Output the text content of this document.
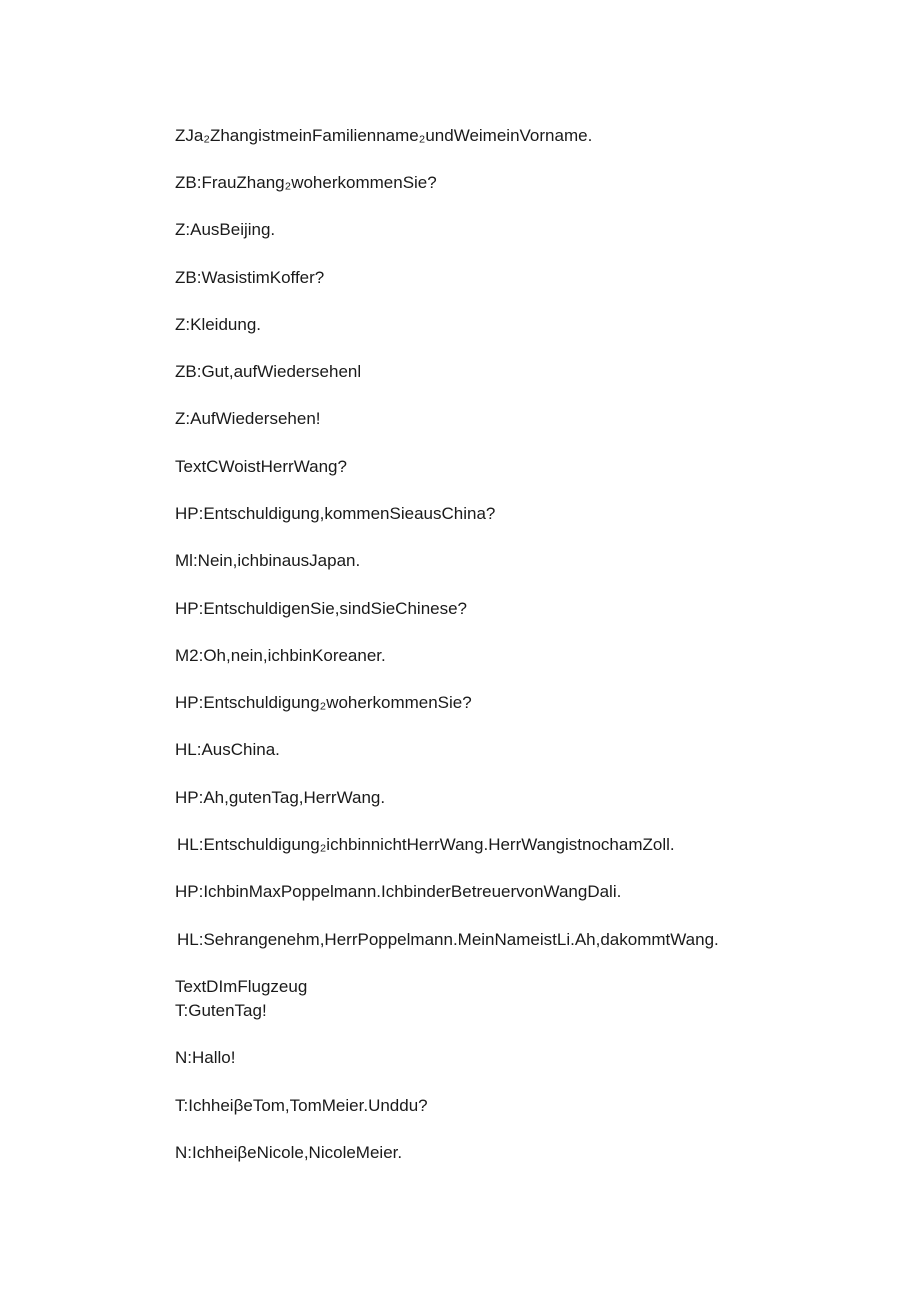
ZJa₂ZhangistmeinFamilienname₂undWeimeinVorname.

ZB:FrauZhang₂woherkommenSie?

Z:AusBeijing.

ZB:WasistimKoffer?

Z:Kleidung.

ZB:Gut,aufWiedersehenl

Z:AufWiedersehen!

TextCWoistHerrWang?

HP:Entschuldigung,kommenSieausChina?

Ml:Nein,ichbinausJapan.

HP:EntschuldigenSie,sindSieChinese?

M2:Oh,nein,ichbinKoreaner.

HP:Entschuldigung₂woherkommenSie?

HL:AusChina.

HP:Ah,gutenTag,HerrWang.

HL:Entschuldigung₂ichbinnichtHerrWang.HerrWangistnochamZoll.

HP:IchbinMaxPoppelmann.IchbinderBetreuervonWangDali.

HL:Sehrangenehm,HerrPoppelmann.MeinNameistLi.Ah,dakommtWang.

TextDImFlugzeug

T:GutenTag!

N:Hallo!

T:IchheiβeTom,TomMeier.Unddu?

N:IchheiβeNicole,NicoleMeier.
